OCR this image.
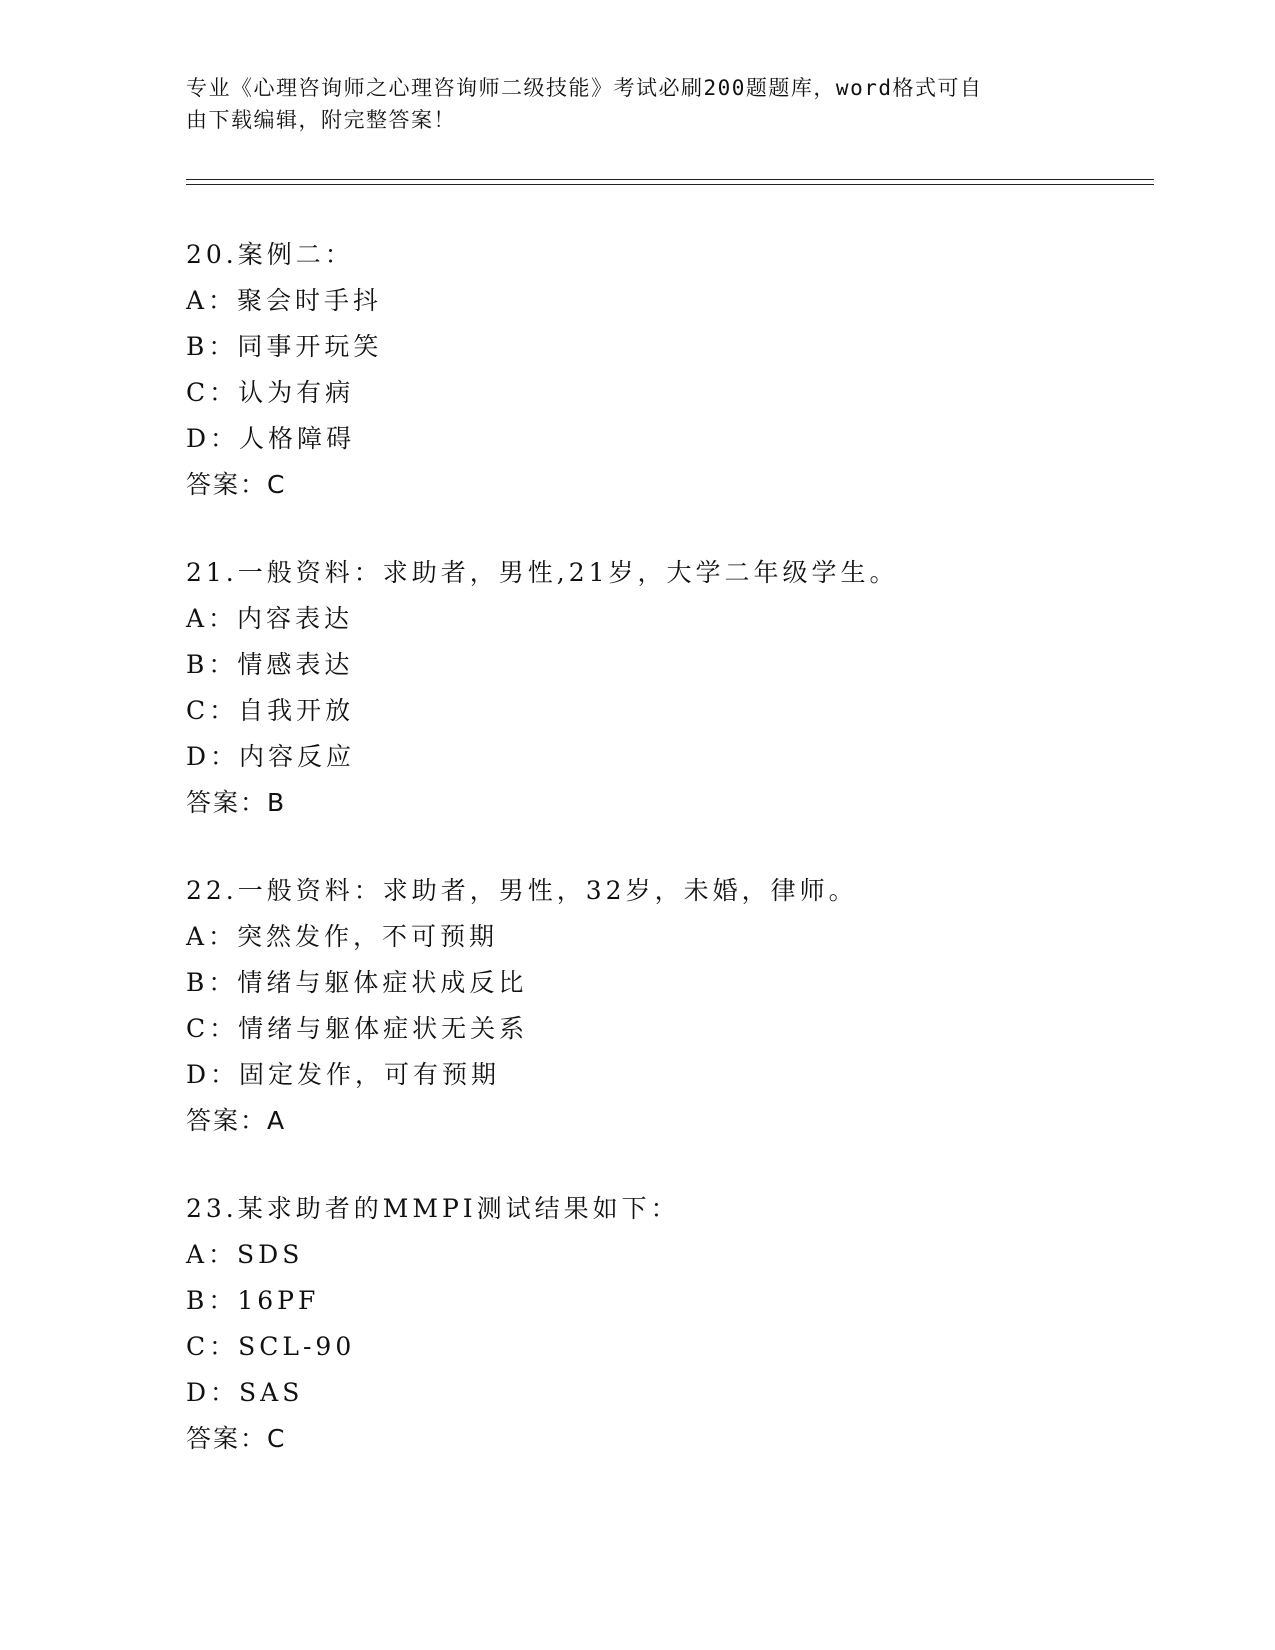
专业《心理咨询师之心理咨询师二级技能》考试必刷200题题库，word格式可自
由下载编辑，附完整答案！
20.案例二：
A：聚会时手抖
B：同事开玩笑
C：认为有病
D：人格障碍
答案：C
21.一般资料：求助者，男性,21岁，大学二年级学生。
A：内容表达
B：情感表达
C：自我开放
D：内容反应
答案：B
22.一般资料：求助者，男性，32岁，未婚，律师。
A：突然发作，不可预期
B：情绪与躯体症状成反比
C：情绪与躯体症状无关系
D：固定发作，可有预期
答案：A
23.某求助者的MMPI测试结果如下：
A：SDS
B：16PF
C：SCL-90
D：SAS
答案：C
